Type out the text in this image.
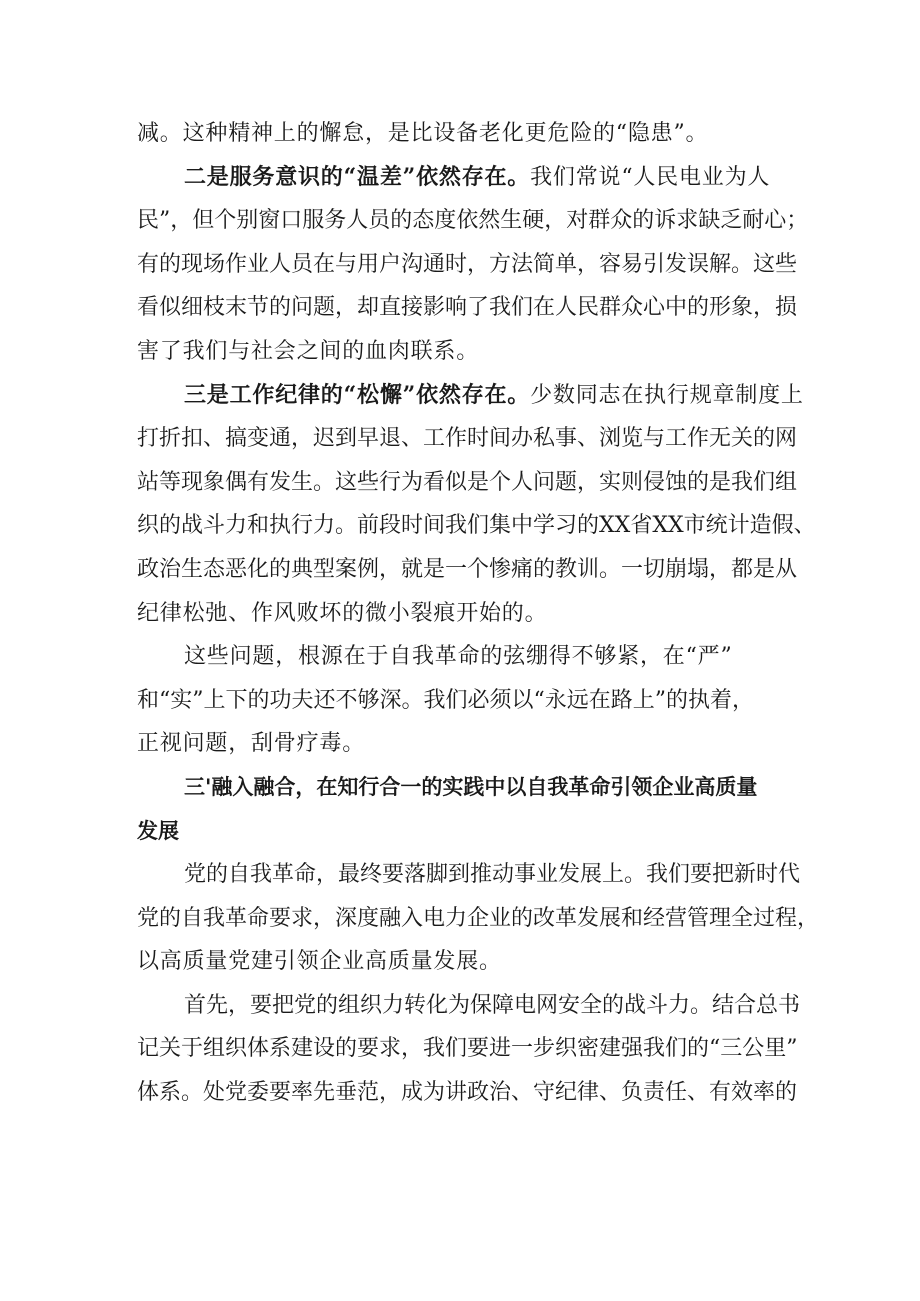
减。这种精神上的懈怠，是比设备老化更危险的“隐患”。
二是服务意识的“温差”依然存在。我们常说“人民电业为人
民”，但个别窗口服务人员的态度依然生硬，对群众的诉求缺乏耐心；
有的现场作业人员在与用户沟通时，方法简单，容易引发误解。这些
看似细枝末节的问题，却直接影响了我们在人民群众心中的形象，损
害了我们与社会之间的血肉联系。
三是工作纪律的“松懈”依然存在。少数同志在执行规章制度上
打折扣、搞变通，迟到早退、工作时间办私事、浏览与工作无关的网
站等现象偶有发生。这些行为看似是个人问题，实则侵蚀的是我们组
织的战斗力和执行力。前段时间我们集中学习的XX省XX市统计造假、
政治生态恶化的典型案例，就是一个惨痛的教训。一切崩塌，都是从
纪律松弛、作风败坏的微小裂痕开始的。
这些问题，根源在于自我革命的弦绷得不够紧，在“严”
和“实”上下的功夫还不够深。我们必须以“永远在路上”的执着，
正视问题，刮骨疗毒。
三'融入融合，在知行合一的实践中以自我革命引领企业高质量
发展
党的自我革命，最终要落脚到推动事业发展上。我们要把新时代
党的自我革命要求，深度融入电力企业的改革发展和经营管理全过程，
以高质量党建引领企业高质量发展。
首先，要把党的组织力转化为保障电网安全的战斗力。结合总书
记关于组织体系建设的要求，我们要进一步织密建强我们的“三公里”
体系。处党委要率先垂范，成为讲政治、守纪律、负责任、有效率的
